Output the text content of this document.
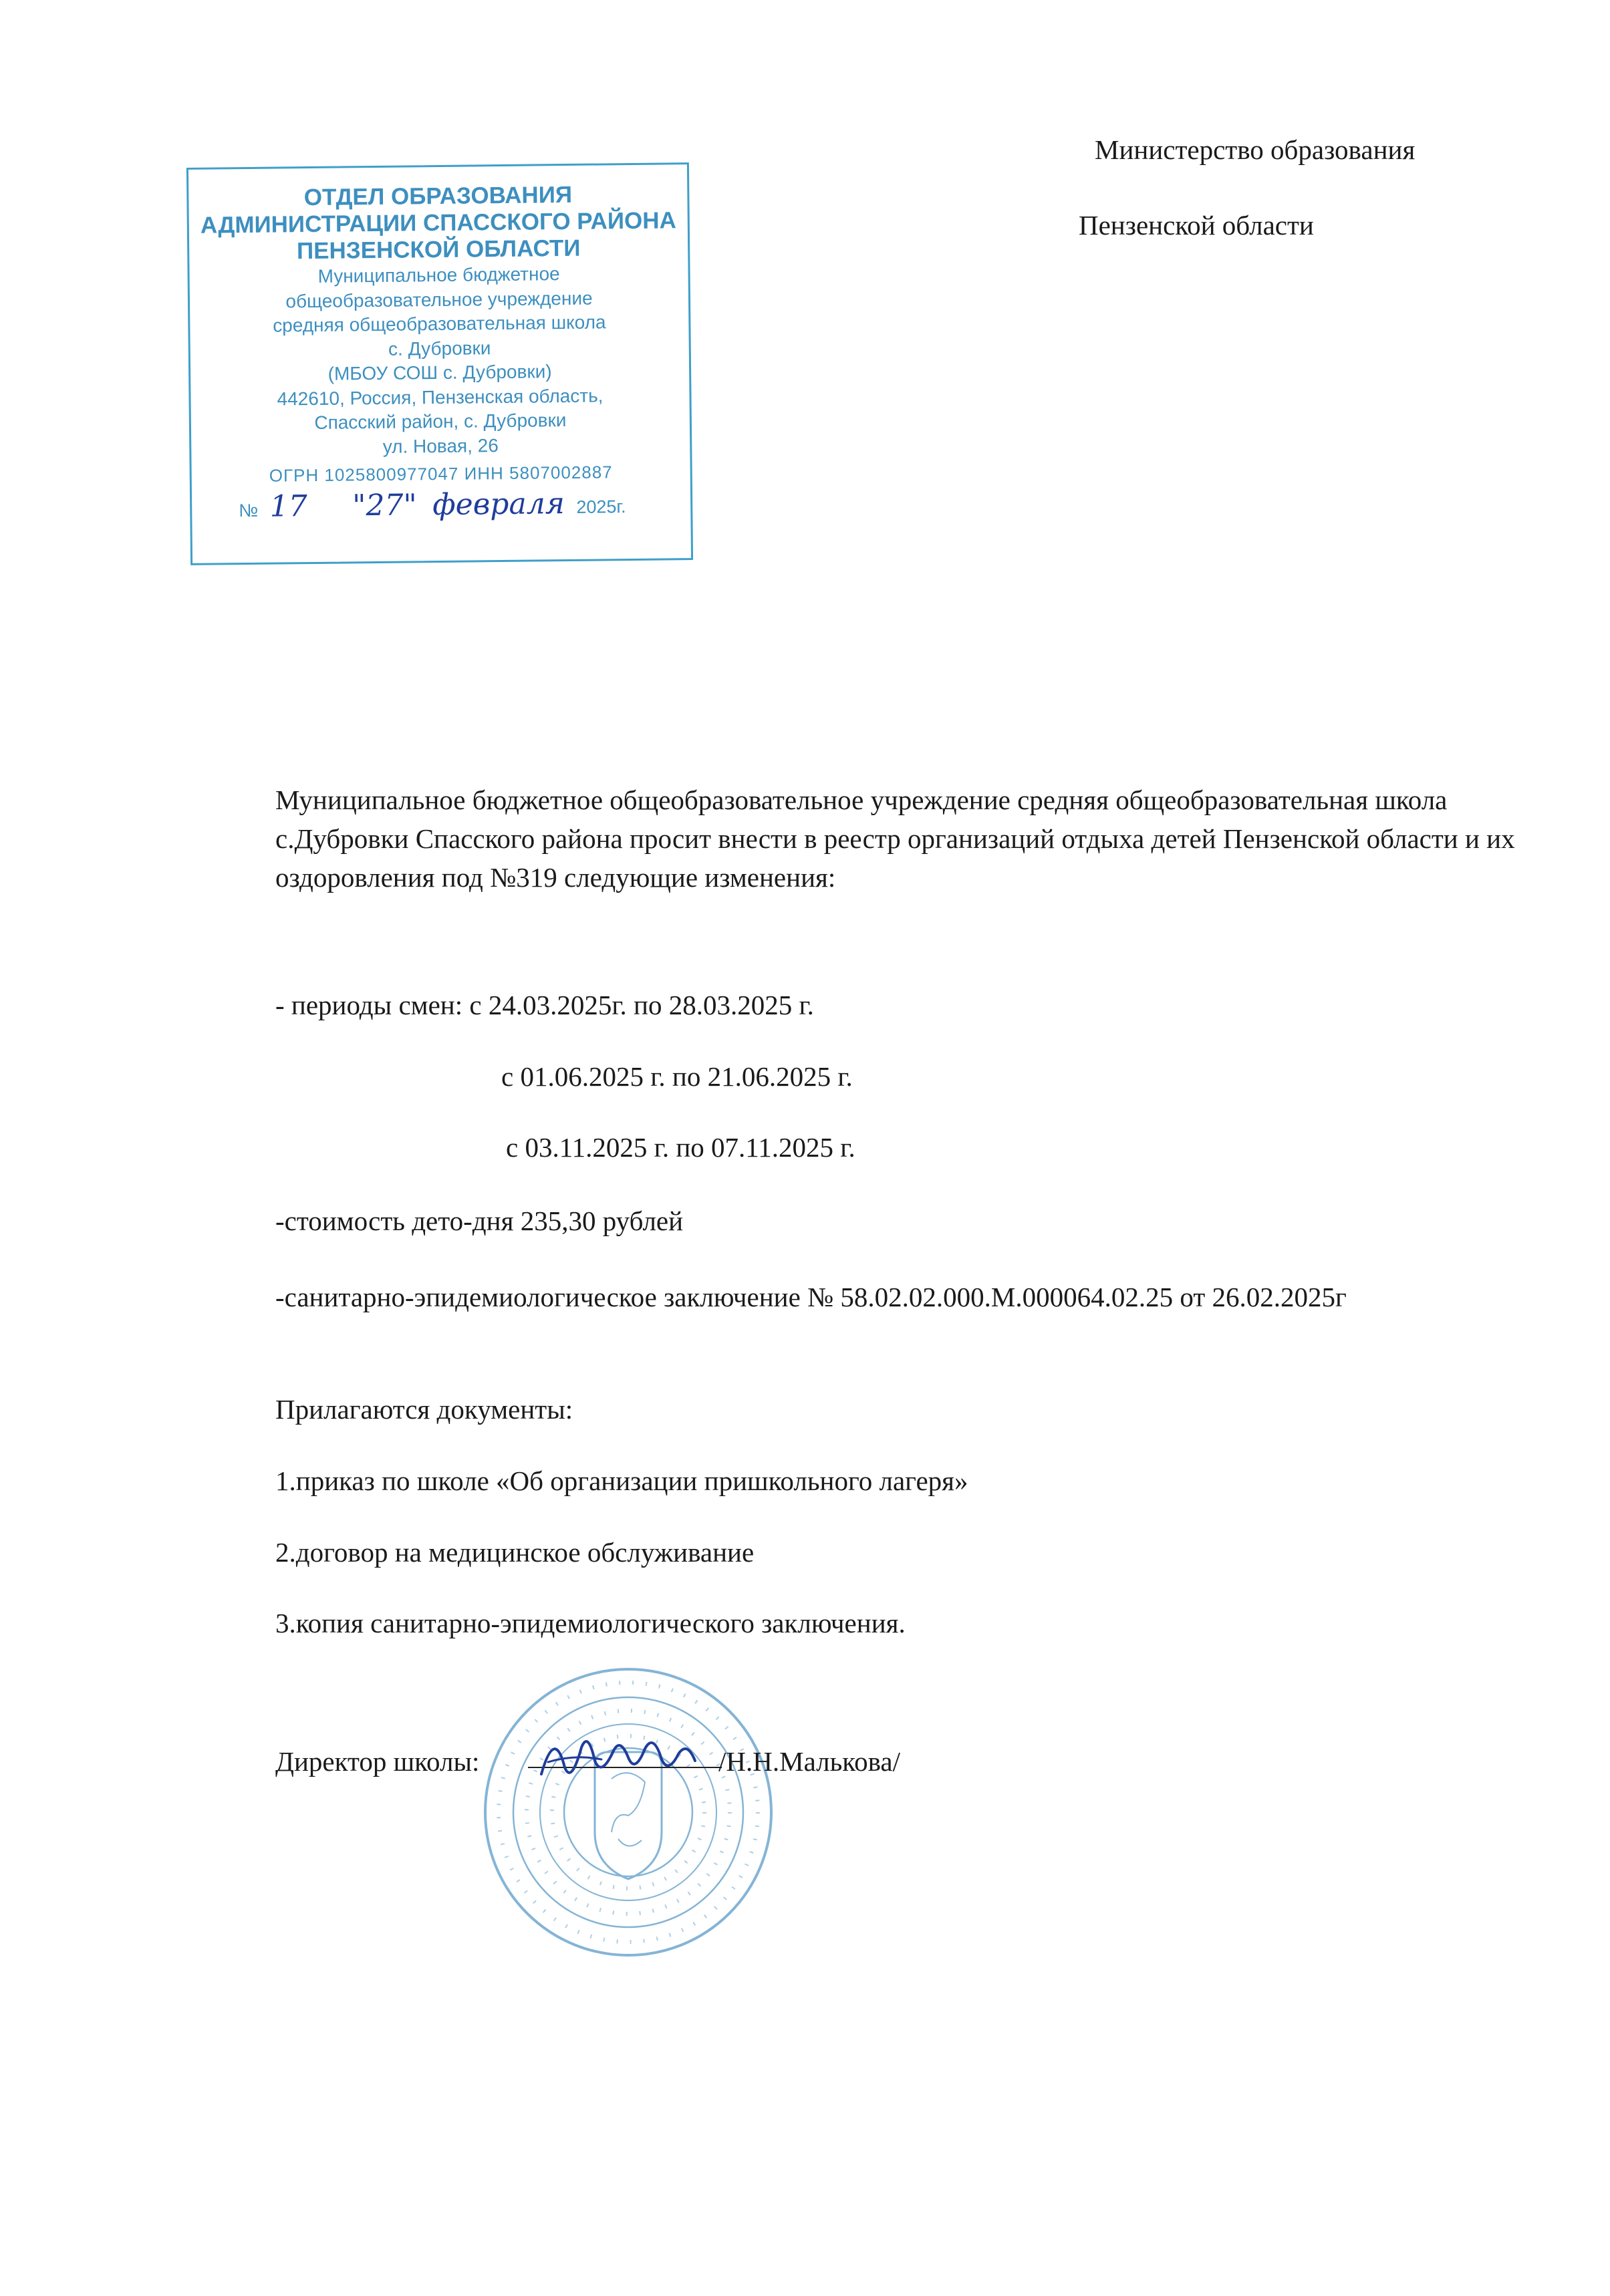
Министерство образования
Пензенской области
ОТДЕЛ ОБРАЗОВАНИЯ
АДМИНИСТРАЦИИ СПАССКОГО РАЙОНА
ПЕНЗЕНСКОЙ ОБЛАСТИ
Муниципальное бюджетное
общеобразовательное учреждение
средняя общеобразовательная школа
с. Дубровки
(МБОУ СОШ с. Дубровки)
442610, Россия, Пензенская область,
Спасский район, с. Дубровки
ул. Новая, 26
ОГРН 1025800977047 ИНН 5807002887
№ 17 "27" февраля 2025г.
Муниципальное бюджетное общеобразовательное учреждение средняя общеобразовательная школа с.Дубровки Спасского района просит внести в реестр организаций отдыха детей Пензенской области и их оздоровления под №319 следующие изменения:
- периоды смен: с 24.03.2025г. по 28.03.2025 г.
с 01.06.2025 г. по 21.06.2025 г.
с 03.11.2025 г. по 07.11.2025 г.
-стоимость дето-дня 235,30 рублей
-санитарно-эпидемиологическое заключение № 58.02.02.000.М.000064.02.25 от 26.02.2025г
Прилагаются документы:
1.приказ по школе «Об организации пришкольного лагеря»
2.договор на медицинское обслуживание
3.копия санитарно-эпидемиологического заключения.
Директор школы:	/Н.Н.Малькова/
